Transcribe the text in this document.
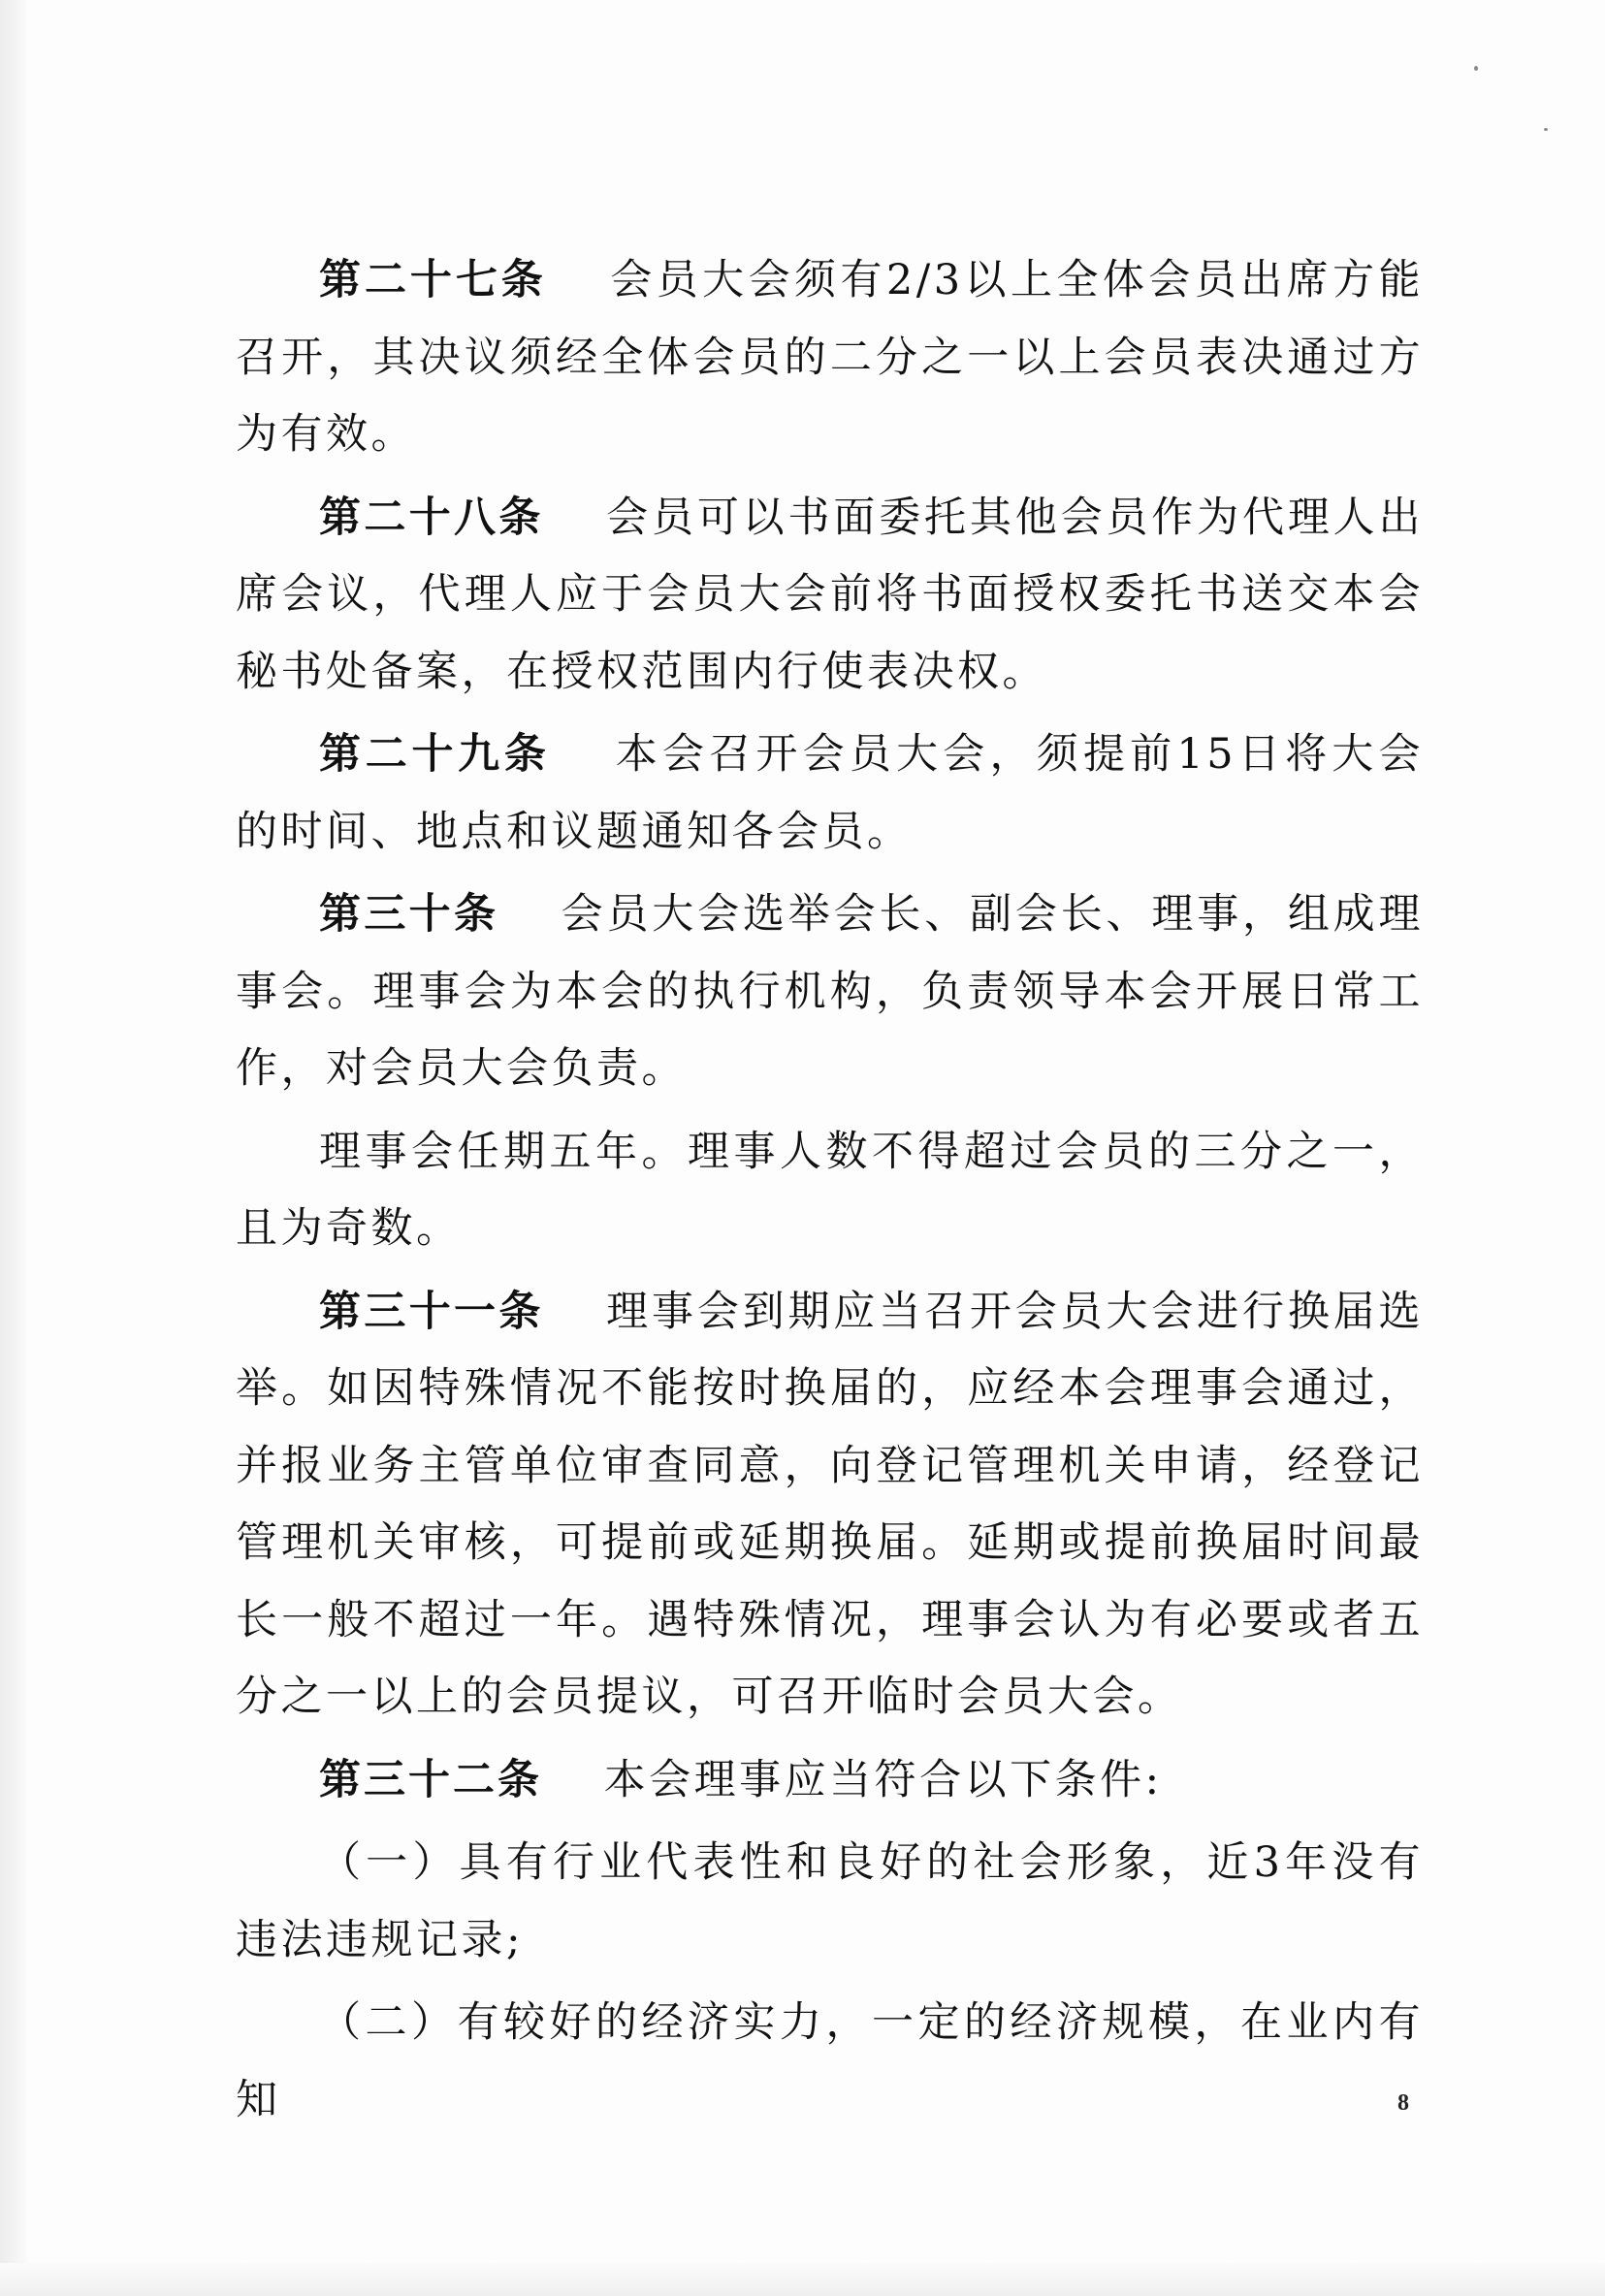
第二十七条　 会员大会须有2/3以上全体会员出席方能召开，其决议须经全体会员的二分之一以上会员表决通过方为有效。

第二十八条　 会员可以书面委托其他会员作为代理人出席会议，代理人应于会员大会前将书面授权委托书送交本会秘书处备案，在授权范围内行使表决权。

第二十九条　 本会召开会员大会，须提前15日将大会的时间、地点和议题通知各会员。

第三十条　 会员大会选举会长、副会长、理事，组成理事会。理事会为本会的执行机构，负责领导本会开展日常工作，对会员大会负责。

理事会任期五年。理事人数不得超过会员的三分之一，且为奇数。

第三十一条　 理事会到期应当召开会员大会进行换届选举。如因特殊情况不能按时换届的，应经本会理事会通过，并报业务主管单位审查同意，向登记管理机关申请，经登记管理机关审核，可提前或延期换届。延期或提前换届时间最长一般不超过一年。遇特殊情况，理事会认为有必要或者五分之一以上的会员提议，可召开临时会员大会。

第三十二条　 本会理事应当符合以下条件:

（一）具有行业代表性和良好的社会形象，近3年没有违法违规记录;

（二）有较好的经济实力，一定的经济规模，在业内有知	8
